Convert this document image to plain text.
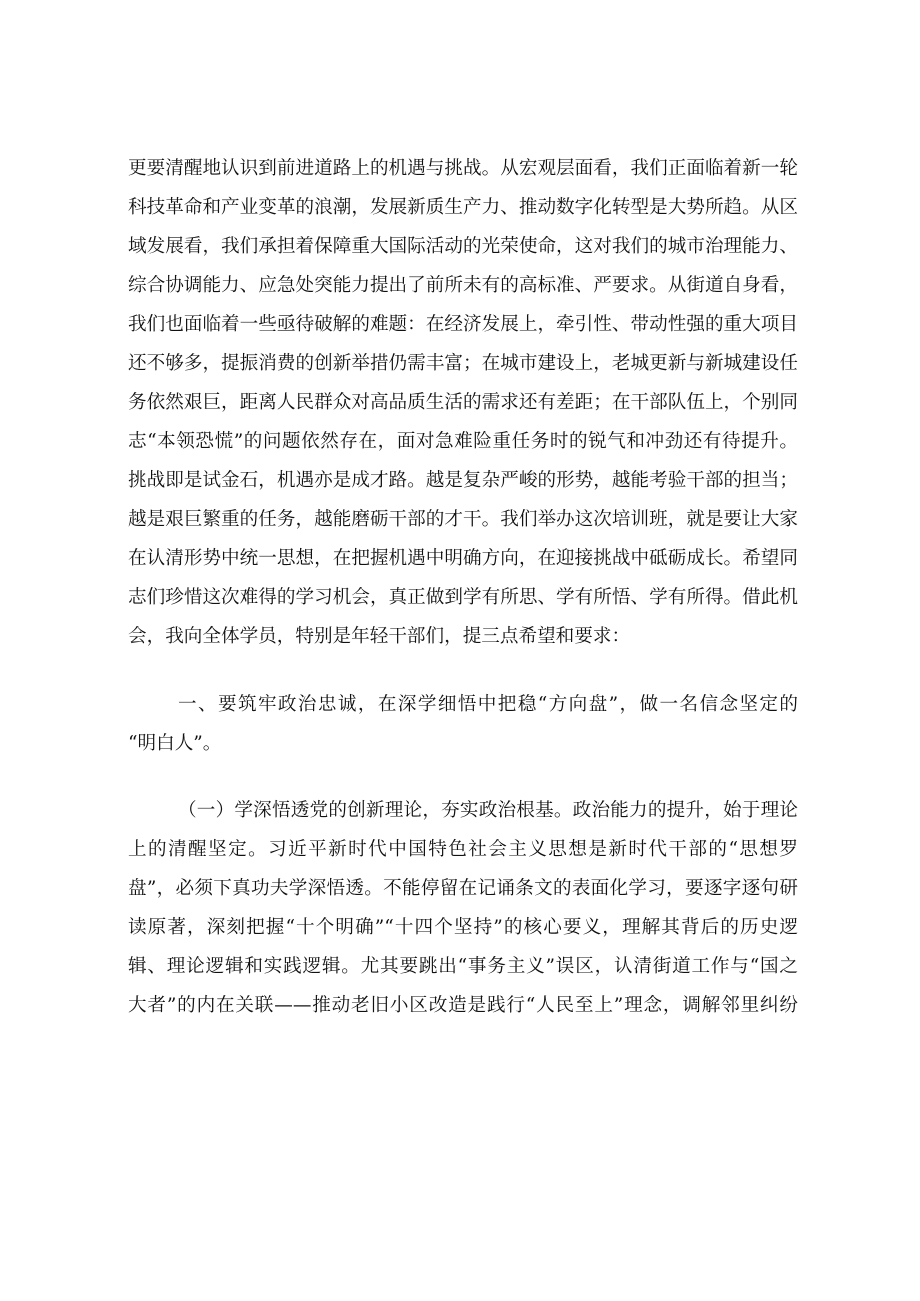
更要清醒地认识到前进道路上的机遇与挑战。从宏观层面看，我们正面临着新一轮
科技革命和产业变革的浪潮，发展新质生产力、推动数字化转型是大势所趋。从区
域发展看，我们承担着保障重大国际活动的光荣使命，这对我们的城市治理能力、
综合协调能力、应急处突能力提出了前所未有的高标准、严要求。从街道自身看，
我们也面临着一些亟待破解的难题：在经济发展上，牵引性、带动性强的重大项目
还不够多，提振消费的创新举措仍需丰富；在城市建设上，老城更新与新城建设任
务依然艰巨，距离人民群众对高品质生活的需求还有差距；在干部队伍上，个别同
志“本领恐慌”的问题依然存在，面对急难险重任务时的锐气和冲劲还有待提升。
挑战即是试金石，机遇亦是成才路。越是复杂严峻的形势，越能考验干部的担当；
越是艰巨繁重的任务，越能磨砺干部的才干。我们举办这次培训班，就是要让大家
在认清形势中统一思想，在把握机遇中明确方向，在迎接挑战中砥砺成长。希望同
志们珍惜这次难得的学习机会，真正做到学有所思、学有所悟、学有所得。借此机
会，我向全体学员，特别是年轻干部们，提三点希望和要求：
一、要筑牢政治忠诚，在深学细悟中把稳“方向盘”，做一名信念坚定的
“明白人”。
（一）学深悟透党的创新理论，夯实政治根基。政治能力的提升，始于理论
上的清醒坚定。习近平新时代中国特色社会主义思想是新时代干部的“思想罗
盘”，必须下真功夫学深悟透。不能停留在记诵条文的表面化学习，要逐字逐句研
读原著，深刻把握“十个明确”“十四个坚持”的核心要义，理解其背后的历史逻
辑、理论逻辑和实践逻辑。尤其要跳出“事务主义”误区，认清街道工作与“国之
大者”的内在关联——推动老旧小区改造是践行“人民至上”理念，调解邻里纠纷
